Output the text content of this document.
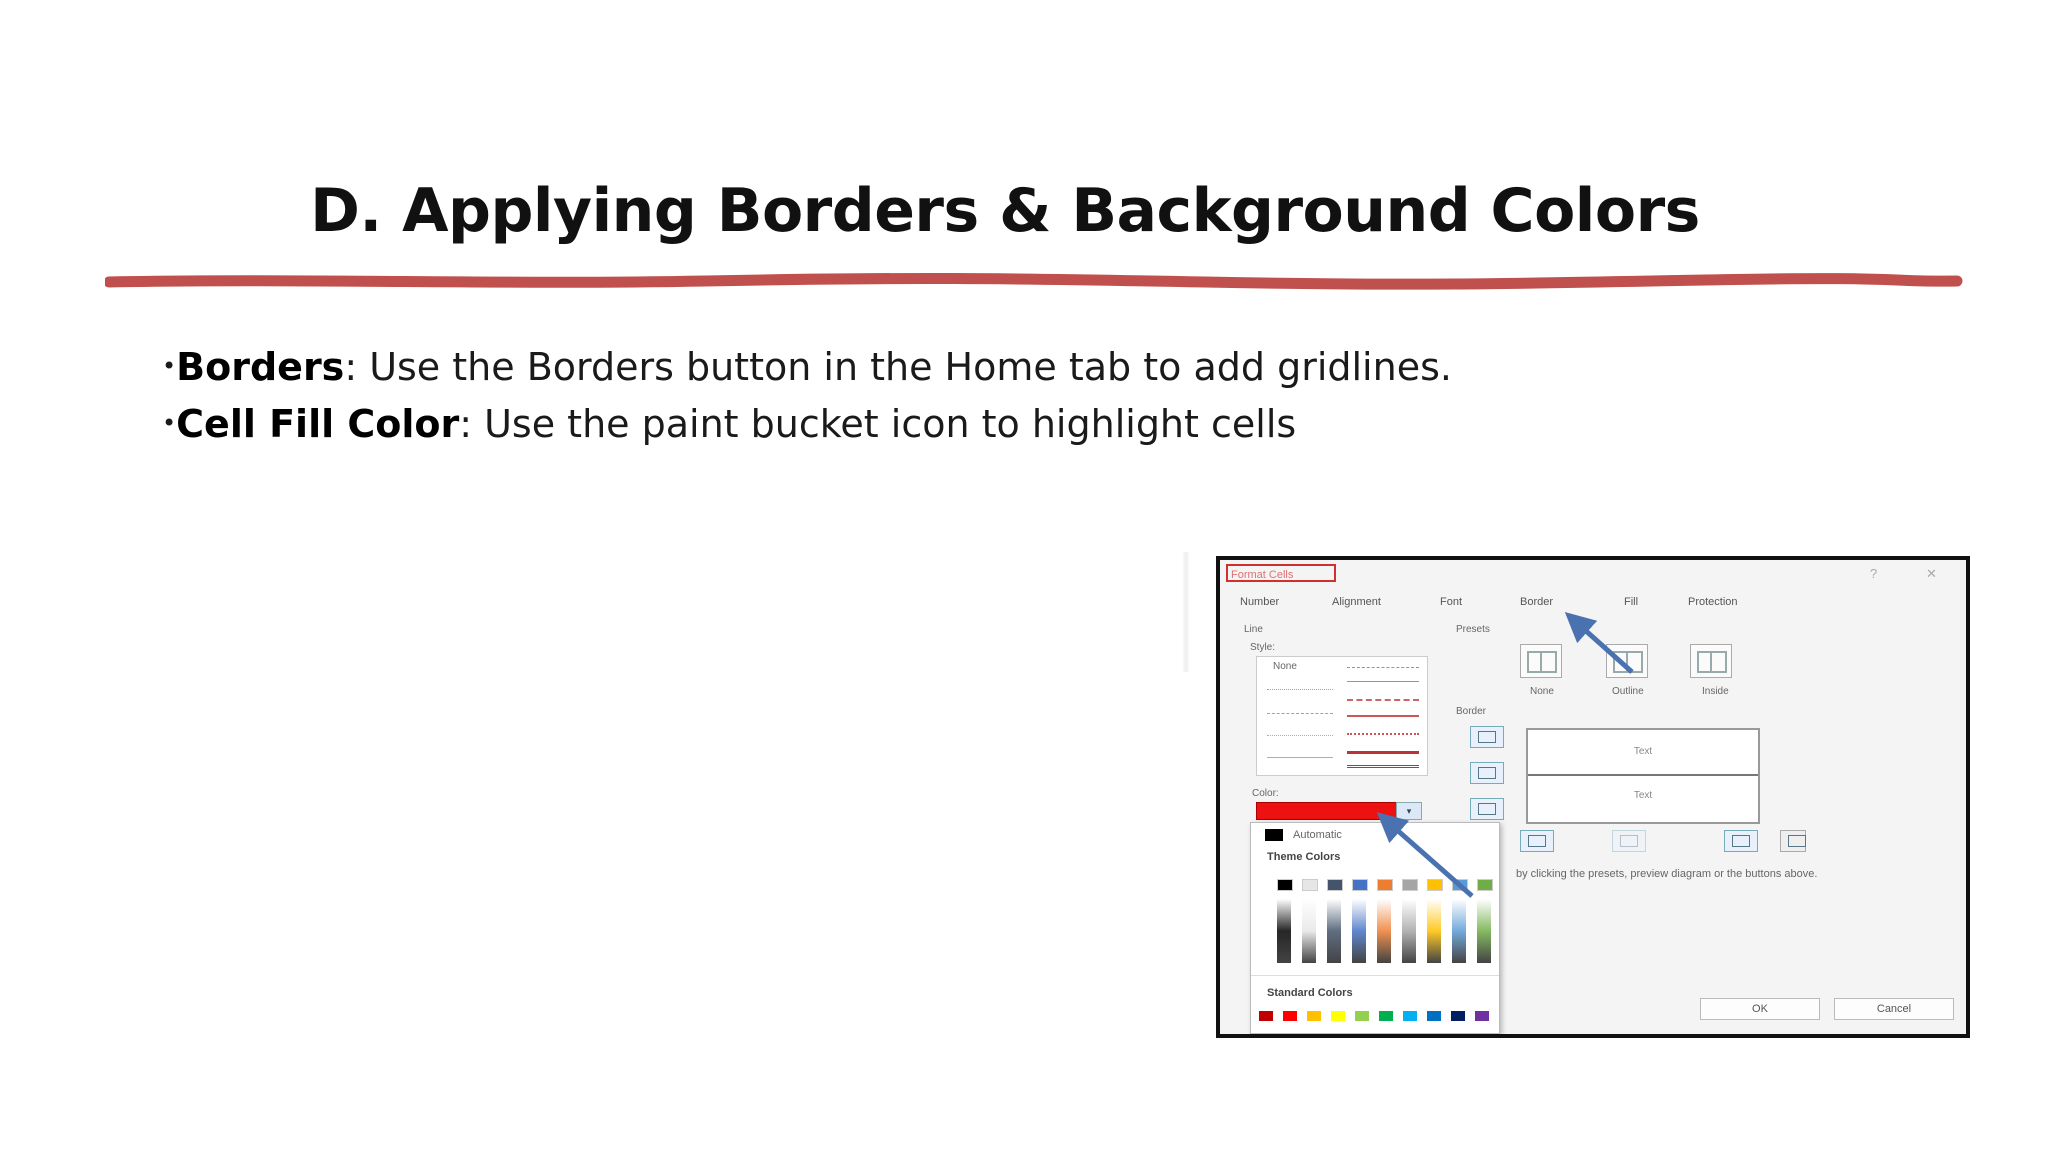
D. Applying Borders & Background Colors
•Borders: Use the Borders button in the Home tab to add gridlines.
•Cell Fill Color: Use the paint bucket icon to highlight cells
Format Cells	?	✕
Number	Alignment	Font	Border	Fill	Protection
Line
Style:
None
Color:
▾
Presets
None	Outline	Inside
Border
Text
Text
by clicking the presets, preview diagram or the buttons above.
OK	Cancel
Automatic
Theme Colors
Standard Colors
